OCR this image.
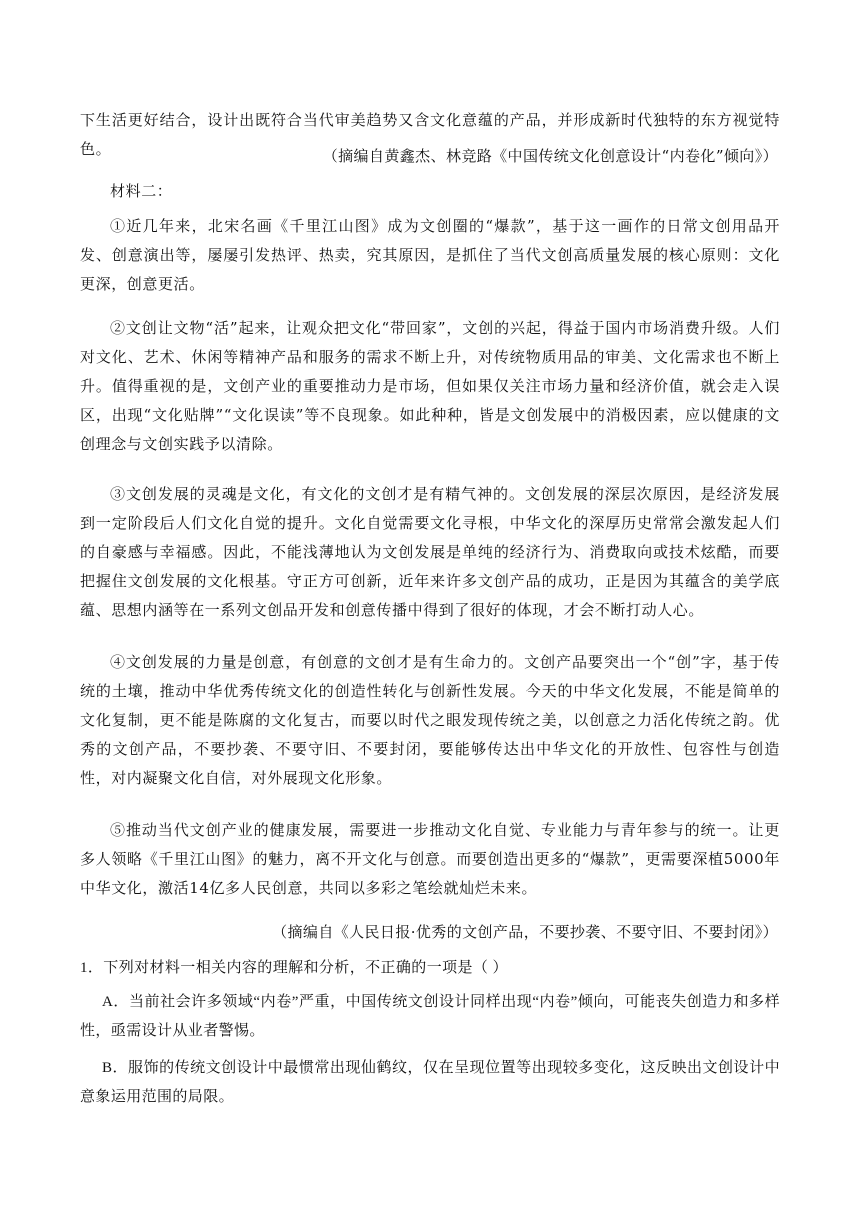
下生活更好结合，设计出既符合当代审美趋势又含文化意蕴的产品，并形成新时代独特的东方视觉特色。	（摘编自黄鑫杰、林竞路《中国传统文化创意设计“内卷化”倾向》）
材料二：
①近几年来，北宋名画《千里江山图》成为文创圈的“爆款”，基于这一画作的日常文创用品开发、创意演出等，屡屡引发热评、热卖，究其原因，是抓住了当代文创高质量发展的核心原则：文化更深，创意更活。
②文创让文物“活”起来，让观众把文化“带回家”，文创的兴起，得益于国内市场消费升级。人们对文化、艺术、休闲等精神产品和服务的需求不断上升，对传统物质用品的审美、文化需求也不断上升。值得重视的是，文创产业的重要推动力是市场，但如果仅关注市场力量和经济价值，就会走入误区，出现“文化贴牌”“文化误读”等不良现象。如此种种，皆是文创发展中的消极因素，应以健康的文创理念与文创实践予以清除。
③文创发展的灵魂是文化，有文化的文创才是有精气神的。文创发展的深层次原因，是经济发展到一定阶段后人们文化自觉的提升。文化自觉需要文化寻根，中华文化的深厚历史常常会激发起人们的自豪感与幸福感。因此，不能浅薄地认为文创发展是单纯的经济行为、消费取向或技术炫酷，而要把握住文创发展的文化根基。守正方可创新，近年来许多文创产品的成功，正是因为其蕴含的美学底蕴、思想内涵等在一系列文创品开发和创意传播中得到了很好的体现，才会不断打动人心。
④文创发展的力量是创意，有创意的文创才是有生命力的。文创产品要突出一个“创”字，基于传统的土壤，推动中华优秀传统文化的创造性转化与创新性发展。今天的中华文化发展，不能是简单的文化复制，更不能是陈腐的文化复古，而要以时代之眼发现传统之美，以创意之力活化传统之韵。优秀的文创产品，不要抄袭、不要守旧、不要封闭，要能够传达出中华文化的开放性、包容性与创造性，对内凝聚文化自信，对外展现文化形象。
⑤推动当代文创产业的健康发展，需要进一步推动文化自觉、专业能力与青年参与的统一。让更多人领略《千里江山图》的魅力，离不开文化与创意。而要创造出更多的“爆款”，更需要深植5000年中华文化，激活14亿多人民创意，共同以多彩之笔绘就灿烂未来。
（摘编自《人民日报·优秀的文创产品，不要抄袭、不要守旧、不要封闭》）
1．下列对材料一相关内容的理解和分析，不正确的一项是（ ）
A．当前社会许多领域“内卷”严重，中国传统文创设计同样出现“内卷”倾向，可能丧失创造力和多样性，亟需设计从业者警惕。
B．服饰的传统文创设计中最惯常出现仙鹤纹，仅在呈现位置等出现较多变化，这反映出文创设计中意象运用范围的局限。
